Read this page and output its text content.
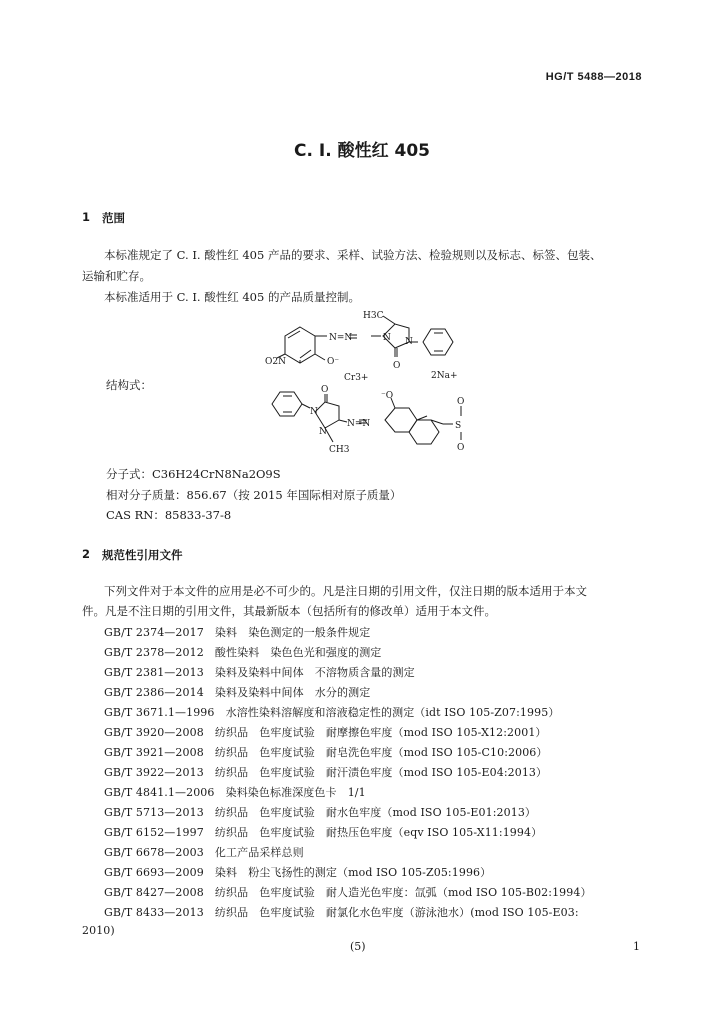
HG/T 5488—2018
C. I. 酸性红 405
1 范围
本标准规定了 C. I. 酸性红 405 产品的要求、采样、试验方法、检验规则以及标志、标签、包装、
运输和贮存。
本标准适用于 C. I. 酸性红 405 的产品质量控制。
结构式：
H3C
N N
N=N
O
O2N	O⁻
Cr3+	2Na+
O
N
N
N=N
⁻O
S
O
O
CH3
分子式：C36H24CrN8Na2O9S
相对分子质量：856.67（按 2015 年国际相对原子质量）
CAS RN：85833-37-8
2 规范性引用文件
下列文件对于本文件的应用是必不可少的。凡是注日期的引用文件，仅注日期的版本适用于本文
件。凡是不注日期的引用文件，其最新版本（包括所有的修改单）适用于本文件。
GB/T 2374—2017　染料　染色测定的一般条件规定
GB/T 2378—2012　酸性染料　染色色光和强度的测定
GB/T 2381—2013　染料及染料中间体　不溶物质含量的测定
GB/T 2386—2014　染料及染料中间体　水分的测定
GB/T 3671.1—1996　水溶性染料溶解度和溶液稳定性的测定（idt ISO 105-Z07:1995）
GB/T 3920—2008　纺织品　色牢度试验　耐摩擦色牢度（mod ISO 105-X12:2001）
GB/T 3921—2008　纺织品　色牢度试验　耐皂洗色牢度（mod ISO 105-C10:2006）
GB/T 3922—2013　纺织品　色牢度试验　耐汗渍色牢度（mod ISO 105-E04:2013）
GB/T 4841.1—2006　染料染色标准深度色卡　1/1
GB/T 5713—2013　纺织品　色牢度试验　耐水色牢度（mod ISO 105-E01:2013）
GB/T 6152—1997　纺织品　色牢度试验　耐热压色牢度（eqv ISO 105-X11:1994）
GB/T 6678—2003　化工产品采样总则
GB/T 6693—2009　染料　粉尘飞扬性的测定（mod ISO 105-Z05:1996）
GB/T 8427—2008　纺织品　色牢度试验　耐人造光色牢度：氙弧（mod ISO 105-B02:1994）
GB/T 8433—2013　纺织品　色牢度试验　耐氯化水色牢度（游泳池水）(mod ISO 105-E03:
2010)
(5)	1
